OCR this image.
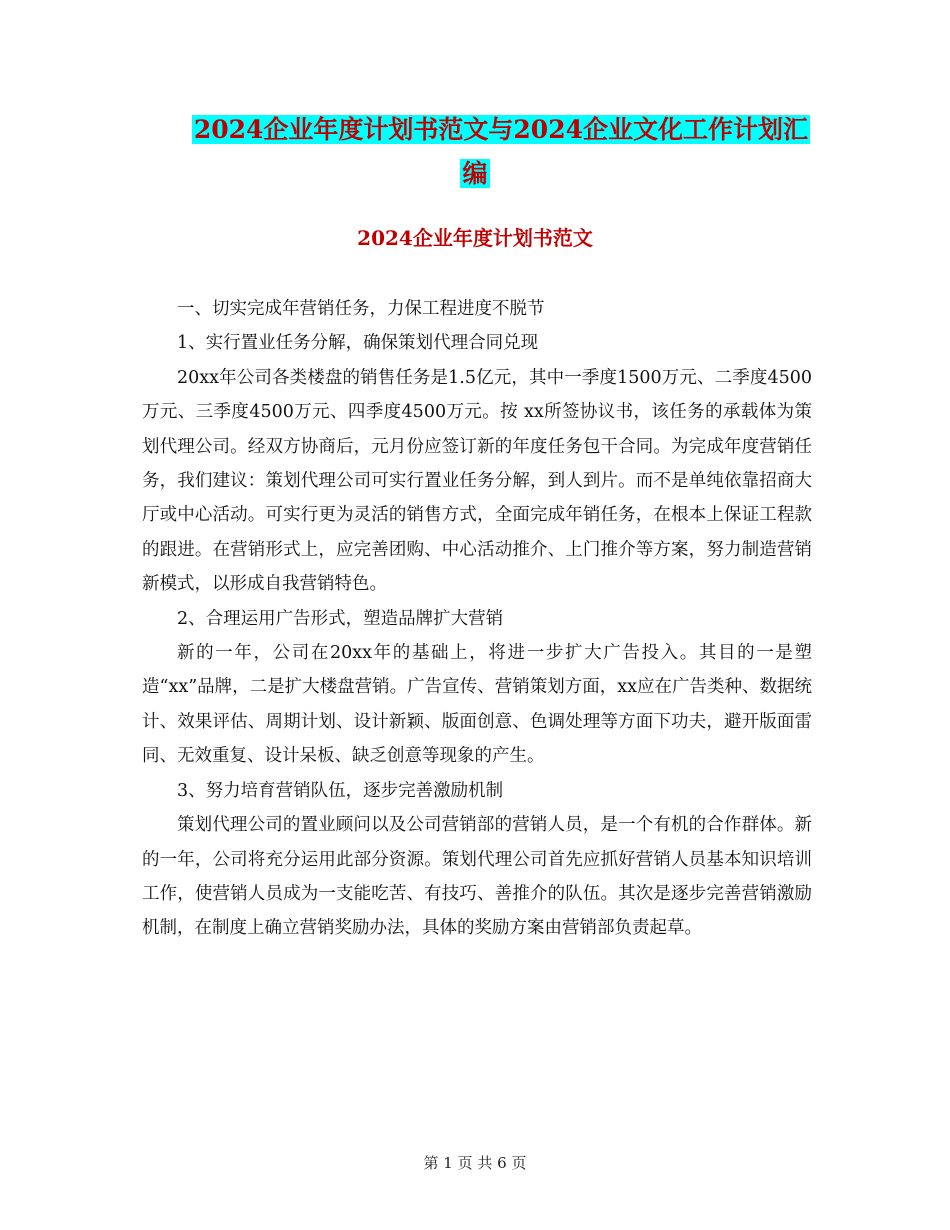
2024企业年度计划书范文与2024企业文化工作计划汇
编
2024企业年度计划书范文

一、切实完成年营销任务，力保工程进度不脱节

1、实行置业任务分解，确保策划代理合同兑现

20xx年公司各类楼盘的销售任务是1.5亿元，其中一季度1500万元、二季度4500万元、三季度4500万元、四季度4500万元。按 xx所签协议书，该任务的承载体为策划代理公司。经双方协商后，元月份应签订新的年度任务包干合同。为完成年度营销任务，我们建议：策划代理公司可实行置业任务分解，到人到片。而不是单纯依靠招商大厅或中心活动。可实行更为灵活的销售方式，全面完成年销任务，在根本上保证工程款的跟进。在营销形式上，应完善团购、中心活动推介、上门推介等方案，努力制造营销新模式，以形成自我营销特色。

2、合理运用广告形式，塑造品牌扩大营销

新的一年，公司在20xx年的基础上，将进一步扩大广告投入。其目的一是塑造“xx”品牌，二是扩大楼盘营销。广告宣传、营销策划方面，xx应在广告类种、数据统计、效果评估、周期计划、设计新颖、版面创意、色调处理等方面下功夫，避开版面雷同、无效重复、设计呆板、缺乏创意等现象的产生。

3、努力培育营销队伍，逐步完善激励机制

策划代理公司的置业顾问以及公司营销部的营销人员，是一个有机的合作群体。新的一年，公司将充分运用此部分资源。策划代理公司首先应抓好营销人员基本知识培训工作，使营销人员成为一支能吃苦、有技巧、善推介的队伍。其次是逐步完善营销激励机制，在制度上确立营销奖励办法，具体的奖励方案由营销部负责起草。

第 1 页 共 6 页
